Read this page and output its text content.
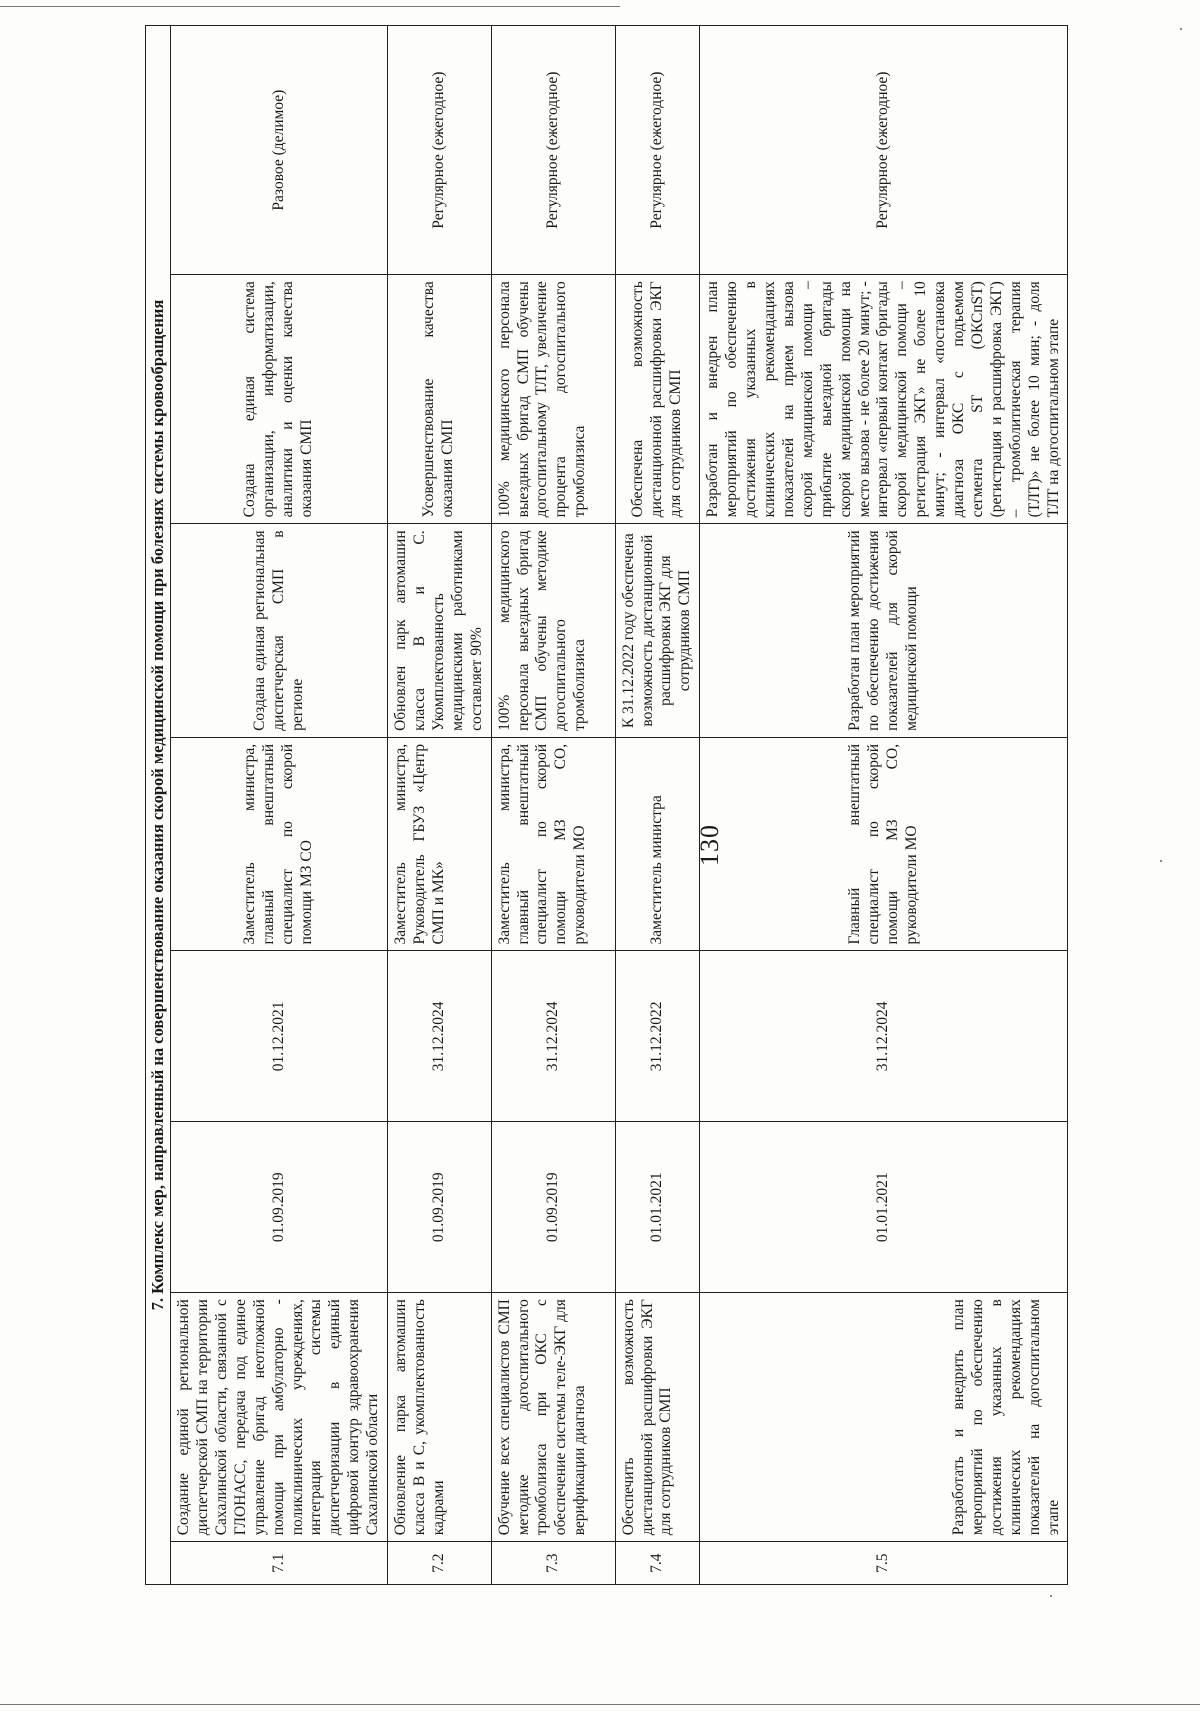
130
7. Комплекс мер, направленный на совершенствование оказания скорой медицинской помощи при болезнях системы кровообращения							
7.1	Создание единой региональной диспетчерской СМП на территории Сахалинской области, связанной с ГЛОНАСС, передача под единое управление бригад неотложной помощи при амбулаторно - поликлинических учреждениях, интеграция системы диспетчеризации в единый цифровой контур здравоохранения Сахалинской области	01.09.2019	01.12.2021	Заместитель министра, главный внештатный специалист по скорой помощи МЗ СО	Создана единая региональная диспетчерская СМП в регионе	Создана единая система организации, информатизации, аналитики и оценки качества оказания СМП	Разовое (делимое)
7.2	Обновление парка автомашин класса В и С, укомплектованность кадрами	01.09.2019	31.12.2024	Заместитель министра, Руководитель ГБУЗ «Центр СМП и МК»	Обновлен парк автомашин класса В и С. Укомплектованность медицинскими работниками составляет 90%	Усовершенствование качества оказания СМП	Регулярное (ежегодное)
7.3	Обучение всех специалистов СМП методике догоспитального тромболизиса при ОКС с обеспечение системы теле-ЭКГ для верификации диагноза	01.09.2019	31.12.2024	Заместитель министра, главный внештатный специалист по скорой помощи МЗ СО, руководители МО	100% медицинского персонала выездных бригад СМП обучены методике догоспитального тромболизиса	100% медицинского персонала выездных бригад СМП обучены догоспитальному ТЛТ, увеличение процента догоспитального тромболизиса	Регулярное (ежегодное)
7.4	Обеспечить возможность дистанционной расшифровки ЭКГ для сотрудников СМП	01.01.2021	31.12.2022	Заместитель министра	К 31.12.2022 году обеспечена возможность дистанционной расшифровки ЭКГ для сотрудников СМП	Обеспечена возможность дистанционной расшифровки ЭКГ для сотрудников СМП	Регулярное (ежегодное)
7.5	Разработать и внедрить план мероприятий по обеспечению достижения указанных в клинических рекомендациях показателей на догоспитальном этапе	01.01.2021	31.12.2024	Главный внештатный специалист по скорой помощи МЗ СО, руководители МО	Разработан план мероприятий по обеспечению достижения показателей для скорой медицинской помощи	Разработан и внедрен план мероприятий по обеспечению достижения указанных в клинических рекомендациях показателей на прием вызова скорой медицинской помощи – прибытие выездной бригады скорой медицинской помощи на место вызова - не более 20 минут; - интервал «первый контакт бригады скорой медицинской помощи – регистрация ЭКГ» не более 10 минут; - интервал «постановка диагноза ОКС с подъемом сегмента ST (ОКСпST) (регистрация и расшифровка ЭКГ) – тромболитическая терапия (ТЛТ)» не более 10 мин; - доля ТЛТ на догоспитальном этапе	Регулярное (ежегодное)
